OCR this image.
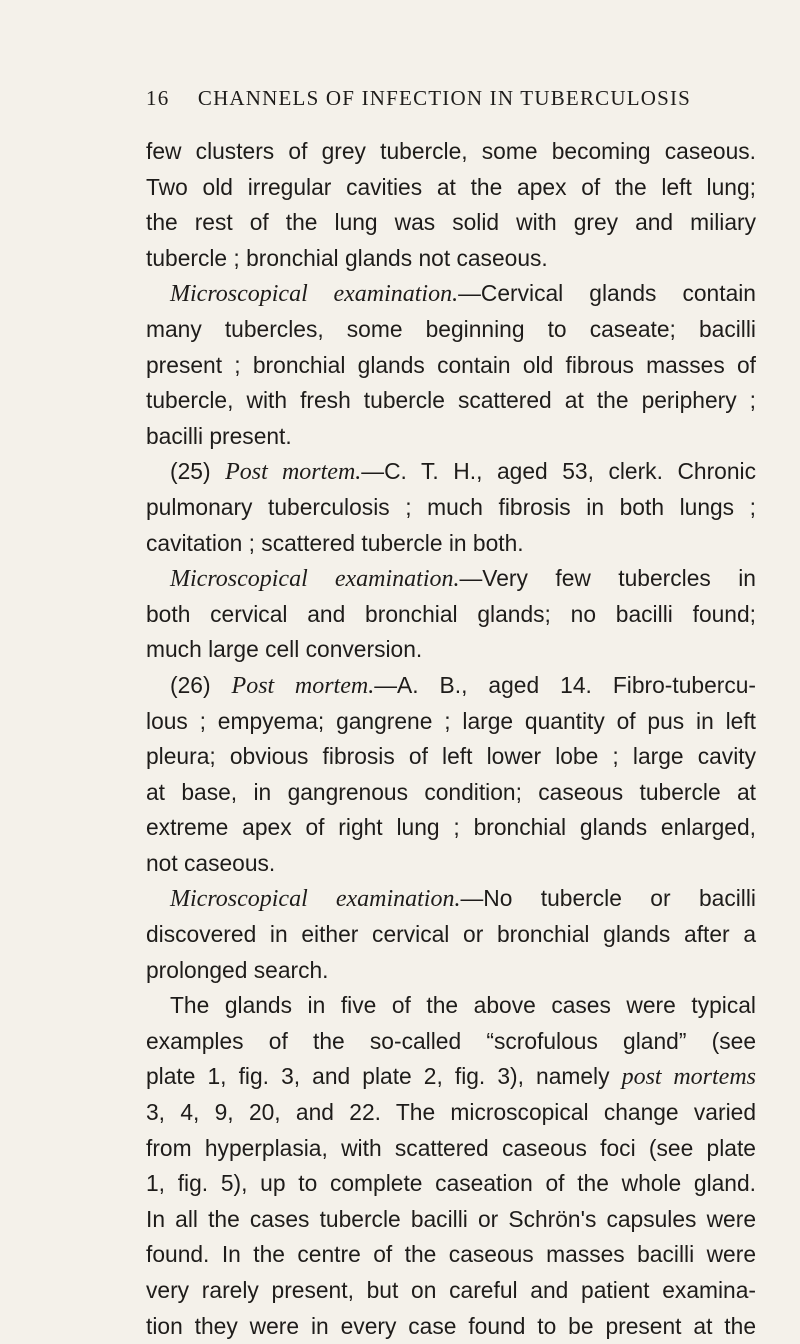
16 CHANNELS OF INFECTION IN TUBERCULOSIS
few clusters of grey tubercle, some becoming caseous.
Two old irregular cavities at the apex of the left lung;
the rest of the lung was solid with grey and miliary
tubercle ; bronchial glands not caseous.
Microscopical examination.—Cervical glands contain
many tubercles, some beginning to caseate; bacilli
present ; bronchial glands contain old fibrous masses of
tubercle, with fresh tubercle scattered at the periphery ;
bacilli present.
(25) Post mortem.—C. T. H., aged 53, clerk. Chronic
pulmonary tuberculosis ; much fibrosis in both lungs ;
cavitation ; scattered tubercle in both.
Microscopical examination.—Very few tubercles in
both cervical and bronchial glands; no bacilli found;
much large cell conversion.
(26) Post mortem.—A. B., aged 14. Fibro-tubercu-
lous ; empyema; gangrene ; large quantity of pus in left
pleura; obvious fibrosis of left lower lobe ; large cavity
at base, in gangrenous condition; caseous tubercle at
extreme apex of right lung ; bronchial glands enlarged,
not caseous.
Microscopical examination.—No tubercle or bacilli
discovered in either cervical or bronchial glands after a
prolonged search.
The glands in five of the above cases were typical
examples of the so-called “scrofulous gland” (see
plate 1, fig. 3, and plate 2, fig. 3), namely post mortems
3, 4, 9, 20, and 22. The microscopical change varied
from hyperplasia, with scattered caseous foci (see plate
1, fig. 5), up to complete caseation of the whole gland.
In all the cases tubercle bacilli or Schrön's capsules were
found. In the centre of the caseous masses bacilli were
very rarely present, but on careful and patient examina-
tion they were in every case found to be present at the
